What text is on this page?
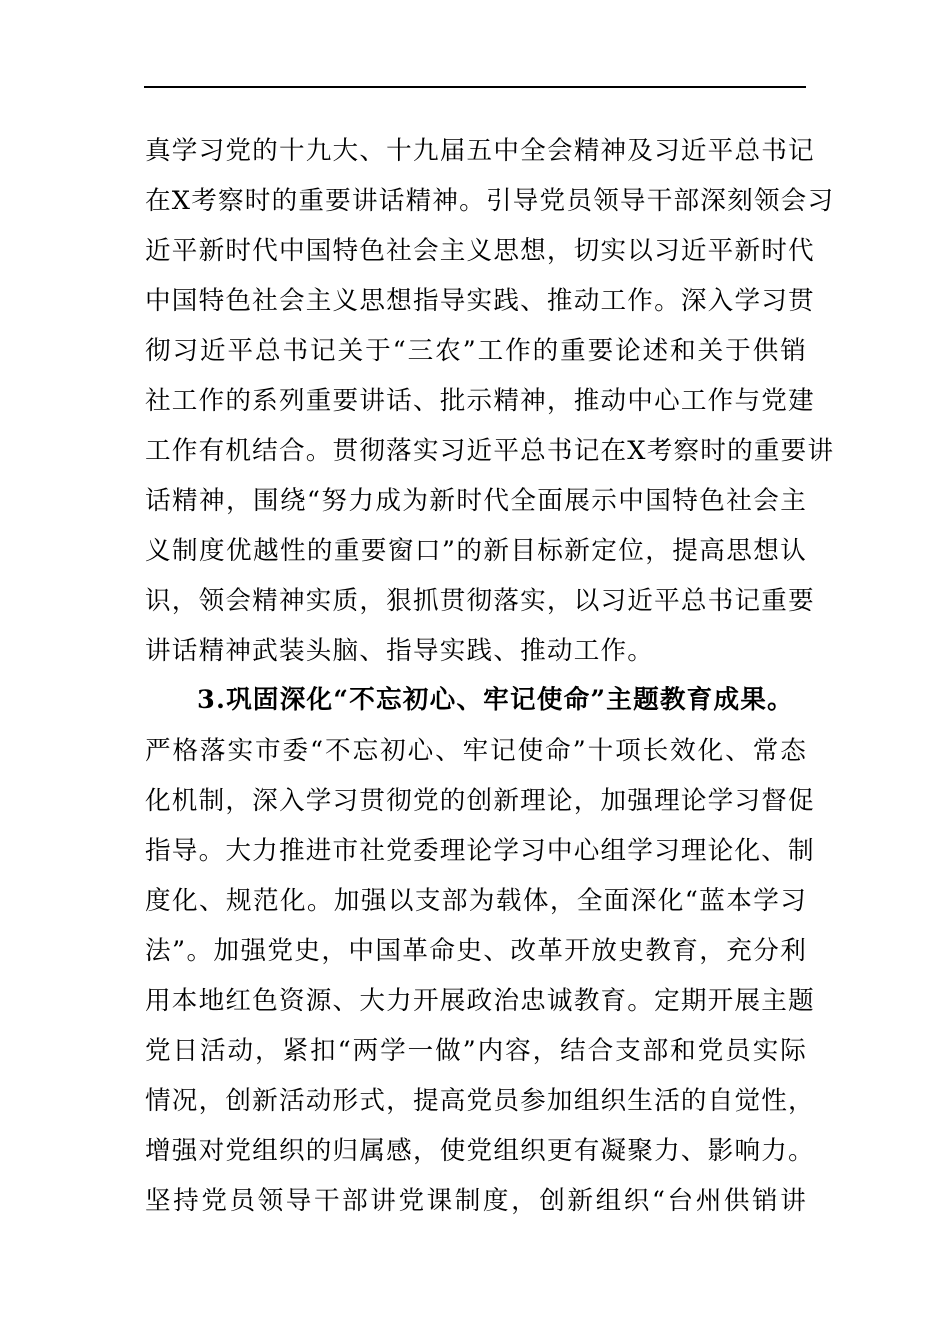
真学习党的十九大、十九届五中全会精神及习近平总书记
在X考察时的重要讲话精神。引导党员领导干部深刻领会习
近平新时代中国特色社会主义思想，切实以习近平新时代
中国特色社会主义思想指导实践、推动工作。深入学习贯
彻习近平总书记关于“三农”工作的重要论述和关于供销
社工作的系列重要讲话、批示精神，推动中心工作与党建
工作有机结合。贯彻落实习近平总书记在X考察时的重要讲
话精神，围绕“努力成为新时代全面展示中国特色社会主
义制度优越性的重要窗口”的新目标新定位，提高思想认
识，领会精神实质，狠抓贯彻落实，以习近平总书记重要
讲话精神武装头脑、指导实践、推动工作。
3.巩固深化“不忘初心、牢记使命”主题教育成果。
严格落实市委“不忘初心、牢记使命”十项长效化、常态
化机制，深入学习贯彻党的创新理论，加强理论学习督促
指导。大力推进市社党委理论学习中心组学习理论化、制
度化、规范化。加强以支部为载体，全面深化“蓝本学习
法”。加强党史，中国革命史、改革开放史教育，充分利
用本地红色资源、大力开展政治忠诚教育。定期开展主题
党日活动，紧扣“两学一做”内容，结合支部和党员实际
情况，创新活动形式，提高党员参加组织生活的自觉性，
增强对党组织的归属感，使党组织更有凝聚力、影响力。
坚持党员领导干部讲党课制度，创新组织“台州供销讲
